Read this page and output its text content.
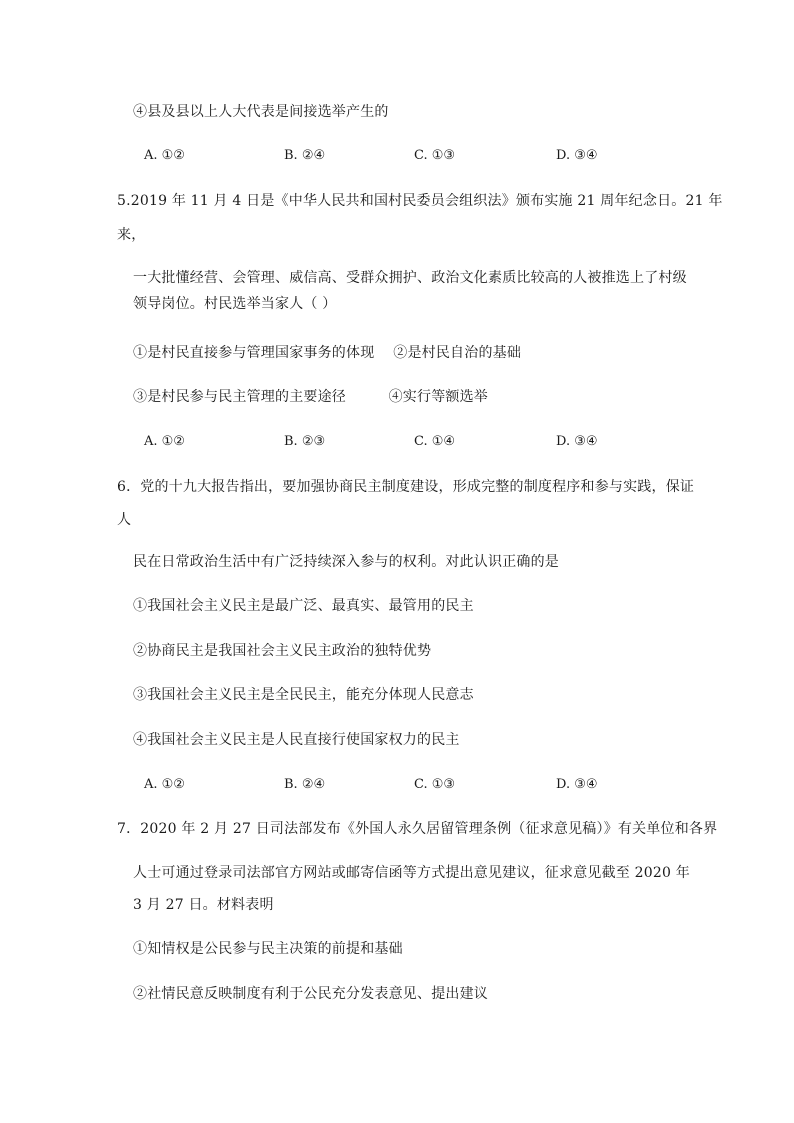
④县及县以上人大代表是间接选举产生的
A. ①②	B. ②④	C. ①③	D. ③④
5.2019 年 11 月 4 日是《中华人民共和国村民委员会组织法》颁布实施 21 周年纪念日。21 年
来，
一大批懂经营、会管理、威信高、受群众拥护、政治文化素质比较高的人被推选上了村级
领导岗位。村民选举当家人（ ）
①是村民直接参与管理国家事务的体现　 ②是村民自治的基础
③是村民参与民主管理的主要途径　　　④实行等额选举
A. ①②	B. ②③	C. ①④	D. ③④
6．党的十九大报告指出，要加强协商民主制度建设，形成完整的制度程序和参与实践，保证
人
民在日常政治生活中有广泛持续深入参与的权利。对此认识正确的是
①我国社会主义民主是最广泛、最真实、最管用的民主
②协商民主是我国社会主义民主政治的独特优势
③我国社会主义民主是全民民主，能充分体现人民意志
④我国社会主义民主是人民直接行使国家权力的民主
A. ①②	B. ②④	C. ①③	D. ③④
7．2020 年 2 月 27 日司法部发布《外国人永久居留管理条例（征求意见稿）》有关单位和各界
人士可通过登录司法部官方网站或邮寄信函等方式提出意见建议，征求意见截至 2020 年
3 月 27 日。材料表明
①知情权是公民参与民主决策的前提和基础
②社情民意反映制度有利于公民充分发表意见、提出建议
